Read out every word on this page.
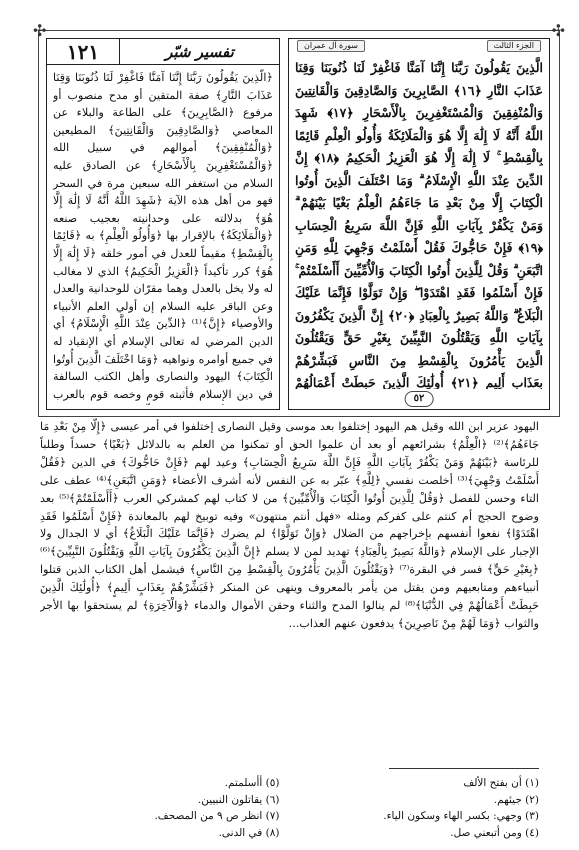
✣	✣
تفسير شبّر
١٢١
﴿الَّذِينَ يَقُولُونَ رَبَّنَا إِنَّنَا آمَنَّا فَاغْفِرْ لَنَا ذُنُوبَنَا وَقِنَا عَذَابَ النَّارِ﴾ صفة المتقين أو مدح منصوب أو مرفوع ﴿الصَّابِرِينَ﴾ على الطاعة والبلاء عن المعاصي ﴿وَالصَّادِقِينَ وَالْقَانِتِينَ﴾ المطيعين ﴿وَالْمُنْفِقِينَ﴾ أموالهم في سبيل الله ﴿وَالْمُسْتَغْفِرِينَ بِالْأَسْحَارِ﴾ عن الصادق عليه السلام من استغفر الله سبعين مرة في السحر فهو من أهل هذه الآية ﴿شَهِدَ اللَّهُ أَنَّهُ لَا إِلَٰهَ إِلَّا هُوَ﴾ بدلالته على وحدانيته بعجيب صنعه ﴿وَالْمَلَائِكَةُ﴾ بالإقرار بها ﴿وَأُولُو الْعِلْمِ﴾ به ﴿قَائِمًا بِالْقِسْطِ﴾ مقيماً للعدل في أمور خلقه ﴿لَا إِلَٰهَ إِلَّا هُوَ﴾ كرر تأكيداً ﴿الْعَزِيزُ الْحَكِيمُ﴾ الذي لا مغالب له ولا يخل بالعدل وهما مقرّان للوحدانية والعدل وعن الباقر عليه السلام إن أولي العلم الأنبياء والأوصياء ﴿إِنَّ﴾⁽¹⁾ ﴿الدِّينَ عِنْدَ اللَّهِ الْإِسْلَامُ﴾ أي الدين المرضي له تعالى الإسلام أي الإنقياد له في جميع أوامره ونواهيه ﴿وَمَا اخْتَلَفَ الَّذِينَ أُوتُوا الْكِتَابَ﴾ اليهود والنصارى وأهل الكتب السالفة في دين الإسلام فأثبته قوم وخصه قوم بالعرب
الجزء الثالث
سورة آل عمران
الَّذِينَ يَقُولُونَ رَبَّنَا إِنَّنَا آمَنَّا فَاغْفِرْ لَنَا ذُنُوبَنَا وَقِنَا عَذَابَ النَّارِ ﴿١٦﴾ الصَّابِرِينَ وَالصَّادِقِينَ وَالْقَانِتِينَ وَالْمُنْفِقِينَ وَالْمُسْتَغْفِرِينَ بِالْأَسْحَارِ ﴿١٧﴾ شَهِدَ اللَّهُ أَنَّهُ لَا إِلَٰهَ إِلَّا هُوَ وَالْمَلَائِكَةُ وَأُولُو الْعِلْمِ قَائِمًا بِالْقِسْطِ ۚ لَا إِلَٰهَ إِلَّا هُوَ الْعَزِيزُ الْحَكِيمُ ﴿١٨﴾ إِنَّ الدِّينَ عِنْدَ اللَّهِ الْإِسْلَامُ ۗ وَمَا اخْتَلَفَ الَّذِينَ أُوتُوا الْكِتَابَ إِلَّا مِنْ بَعْدِ مَا جَاءَهُمُ الْعِلْمُ بَغْيًا بَيْنَهُمْ ۗ وَمَنْ يَكْفُرْ بِآيَاتِ اللَّهِ فَإِنَّ اللَّهَ سَرِيعُ الْحِسَابِ ﴿١٩﴾ فَإِنْ حَاجُّوكَ فَقُلْ أَسْلَمْتُ وَجْهِيَ لِلَّهِ وَمَنِ اتَّبَعَنِ ۗ وَقُلْ لِلَّذِينَ أُوتُوا الْكِتَابَ وَالْأُمِّيِّينَ أَأَسْلَمْتُمْ ۚ فَإِنْ أَسْلَمُوا فَقَدِ اهْتَدَوْا ۖ وَإِنْ تَوَلَّوْا فَإِنَّمَا عَلَيْكَ الْبَلَاغُ ۗ وَاللَّهُ بَصِيرٌ بِالْعِبَادِ ﴿٢٠﴾ إِنَّ الَّذِينَ يَكْفُرُونَ بِآيَاتِ اللَّهِ وَيَقْتُلُونَ النَّبِيِّينَ بِغَيْرِ حَقٍّ وَيَقْتُلُونَ الَّذِينَ يَأْمُرُونَ بِالْقِسْطِ مِنَ النَّاسِ فَبَشِّرْهُمْ بِعَذَابٍ أَلِيمٍ ﴿٢١﴾ أُولَٰئِكَ الَّذِينَ حَبِطَتْ أَعْمَالُهُمْ
٥٢
اليهود عزير ابن الله وقيل هم اليهود إختلفوا بعد موسى وقيل النصارى إختلفوا في أمر عيسى ﴿إِلَّا مِنْ بَعْدِ مَا جَاءَهُمُ﴾⁽²⁾ ﴿الْعِلْمُ﴾ بشرائعهم أو بعد أن علموا الحق أو تمكنوا من العلم به بالدلائل ﴿بَغْيًا﴾ حسداً وطلباً للرئاسة ﴿بَيْنَهُمْ وَمَنْ يَكْفُرْ بِآيَاتِ اللَّهِ فَإِنَّ اللَّهَ سَرِيعُ الْحِسَابِ﴾ وعيد لهم ﴿فَإِنْ حَاجُّوكَ﴾ في الدين ﴿فَقُلْ أَسْلَمْتُ وَجْهِيَ﴾⁽³⁾ أخلصت نفسي ﴿لِلَّهِ﴾ عبّر به عن النفس لأنه أشرف الأعضاء ﴿وَمَنِ اتَّبَعَنِ﴾⁽⁴⁾ عطف على التاء وحسن للفصل ﴿وَقُلْ لِلَّذِينَ أُوتُوا الْكِتَابَ وَالْأُمِّيِّينَ﴾ من لا كتاب لهم كمشركي العرب ﴿أَأَسْلَمْتُمْ﴾⁽⁵⁾ بعد وضوح الحجج أم كنتم على كفركم ومثله «فهل أنتم منتهون» وفيه توبيخ لهم بالمعاندة ﴿فَإِنْ أَسْلَمُوا فَقَدِ اهْتَدَوْا﴾ نفعوا أنفسهم بإخراجهم من الضلال ﴿وَإِنْ تَوَلَّوْا﴾ لم يضرك ﴿فَإِنَّمَا عَلَيْكَ الْبَلَاغُ﴾ أي لا الجدال ولا الإجبار على الإسلام ﴿وَاللَّهُ بَصِيرٌ بِالْعِبَادِ﴾ تهديد لمن لا يسلم ﴿إِنَّ الَّذِينَ يَكْفُرُونَ بِآيَاتِ اللَّهِ وَيَقْتُلُونَ النَّبِيِّينَ﴾⁽⁶⁾ ﴿بِغَيْرِ حَقٍّ﴾ فسر في البقرة⁽⁷⁾ ﴿وَيَقْتُلُونَ الَّذِينَ يَأْمُرُونَ بِالْقِسْطِ مِنَ النَّاسِ﴾ فيشمل أهل الكتاب الذين قتلوا أنبياءهم ومتابعيهم ومن يقتل من يأمر بالمعروف وينهى عن المنكر ﴿فَبَشِّرْهُمْ بِعَذَابٍ أَلِيمٍ﴾ ﴿أُولَٰئِكَ الَّذِينَ حَبِطَتْ أَعْمَالُهُمْ فِي الدُّنْيَا﴾⁽⁸⁾ لم ينالوا المدح والثناء وحقن الأموال والدماء ﴿وَالْآخِرَةِ﴾ لم يستحقوا بها الأجر والثواب ﴿وَمَا لَهُمْ مِنْ نَاصِرِينَ﴾ يدفعون عنهم العذاب...
(١) أن بفتح الألف
(٢) جيئهم.
(٣) وجهي: بكسر الهاء وسكون الياء.
(٤) ومن أتبعني صل.
(٥) أأسلمتم.
(٦) يقاتلون النبيين.
(٧) انظر ص ٩ من المصحف.
(٨) في الدنى.
